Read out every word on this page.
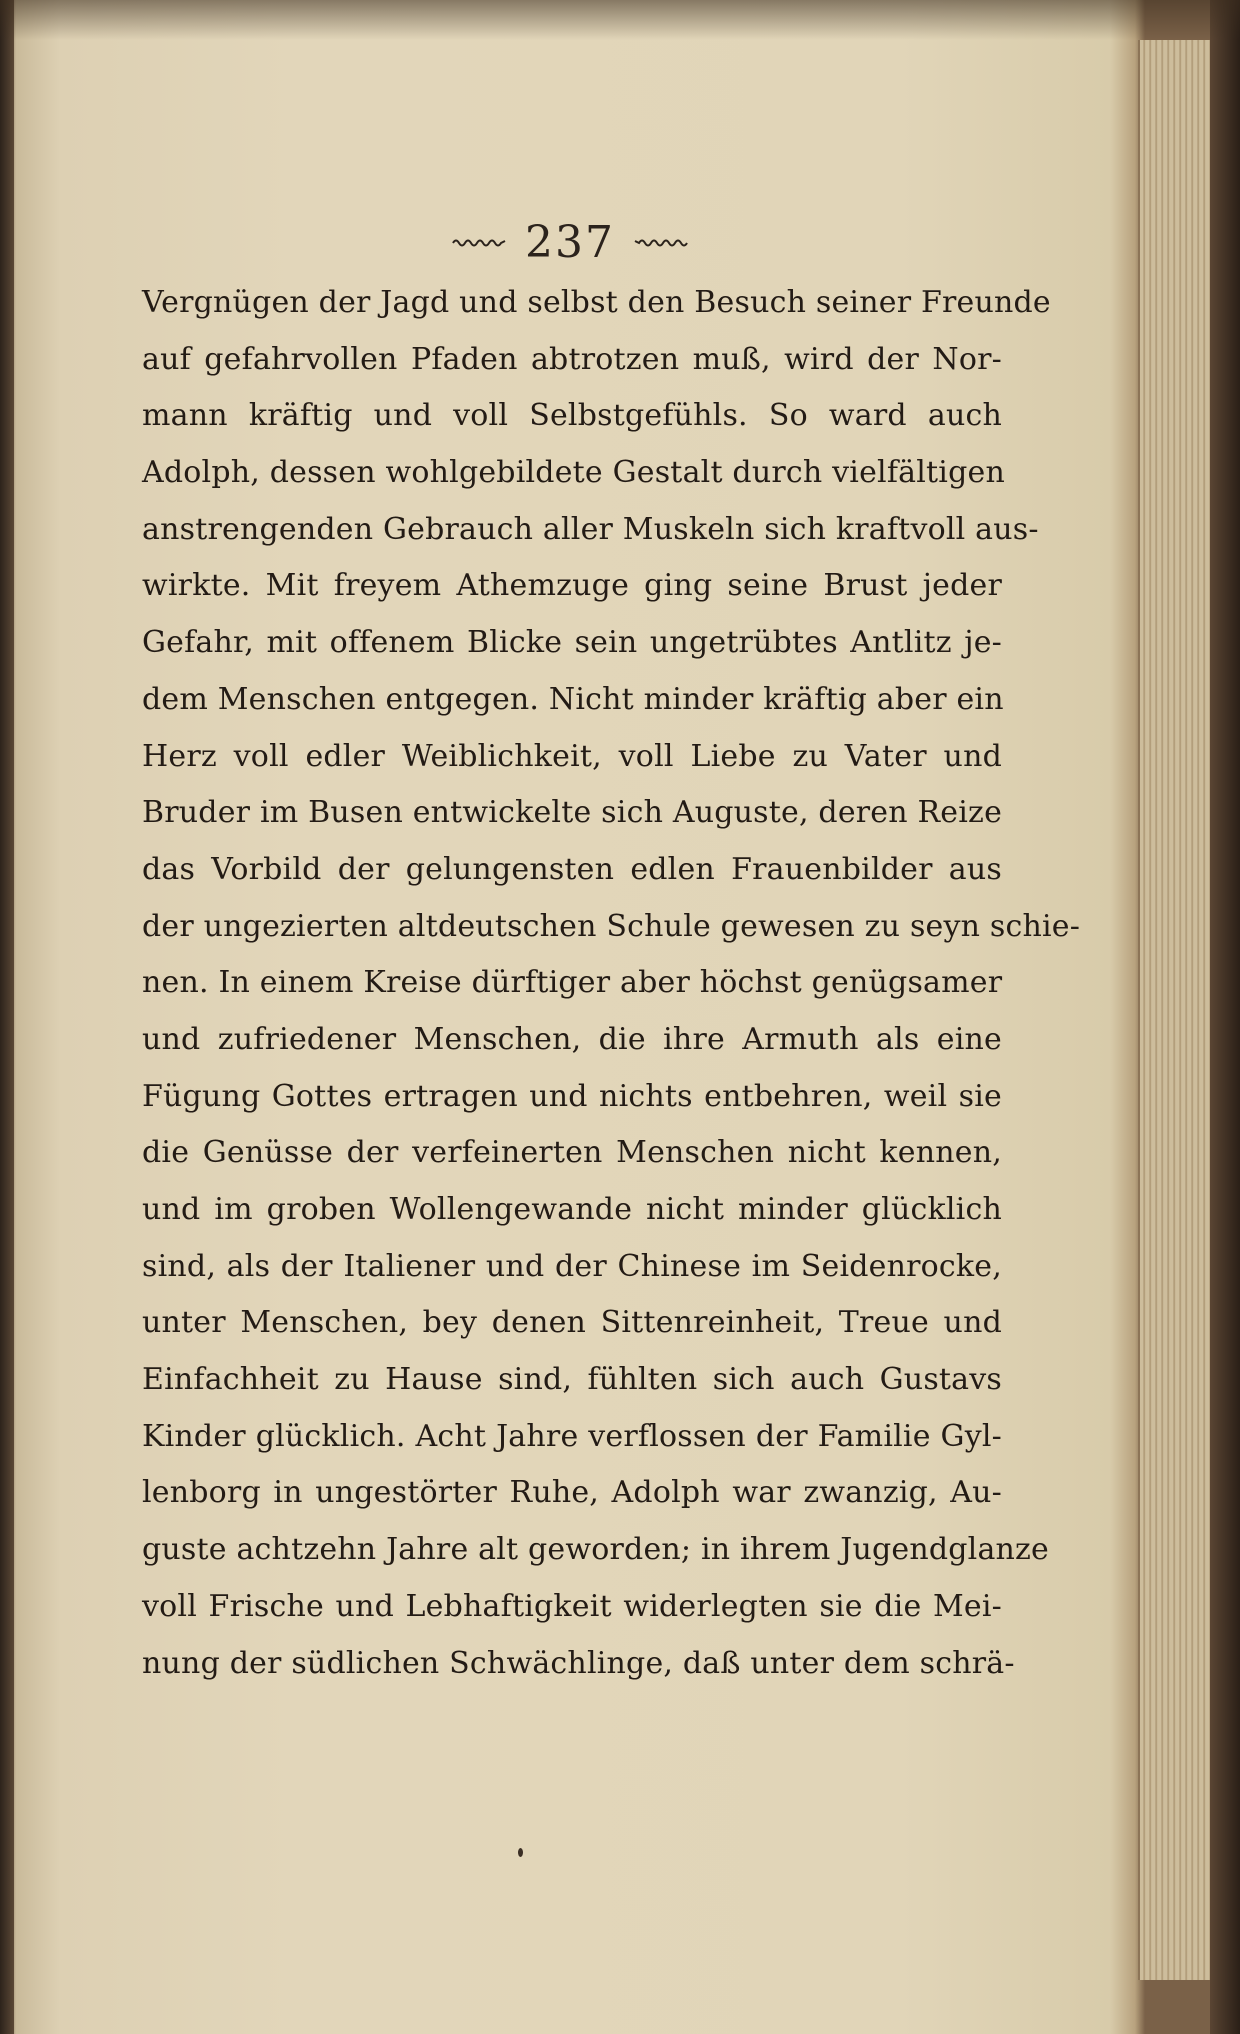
237
Vergnügen der Jagd und selbst den Besuch seiner Freunde
auf gefahrvollen Pfaden abtrotzen muß, wird der Nor-
mann kräftig und voll Selbstgefühls. So ward auch
Adolph, dessen wohlgebildete Gestalt durch vielfältigen
anstrengenden Gebrauch aller Muskeln sich kraftvoll aus-
wirkte. Mit freyem Athemzuge ging seine Brust jeder
Gefahr, mit offenem Blicke sein ungetrübtes Antlitz je-
dem Menschen entgegen. Nicht minder kräftig aber ein
Herz voll edler Weiblichkeit, voll Liebe zu Vater und
Bruder im Busen entwickelte sich Auguste, deren Reize
das Vorbild der gelungensten edlen Frauenbilder aus
der ungezierten altdeutschen Schule gewesen zu seyn schie-
nen. In einem Kreise dürftiger aber höchst genügsamer
und zufriedener Menschen, die ihre Armuth als eine
Fügung Gottes ertragen und nichts entbehren, weil sie
die Genüsse der verfeinerten Menschen nicht kennen,
und im groben Wollengewande nicht minder glücklich
sind, als der Italiener und der Chinese im Seidenrocke,
unter Menschen, bey denen Sittenreinheit, Treue und
Einfachheit zu Hause sind, fühlten sich auch Gustavs
Kinder glücklich. Acht Jahre verflossen der Familie Gyl-
lenborg in ungestörter Ruhe, Adolph war zwanzig, Au-
guste achtzehn Jahre alt geworden; in ihrem Jugendglanze
voll Frische und Lebhaftigkeit widerlegten sie die Mei-
nung der südlichen Schwächlinge, daß unter dem schrä-
